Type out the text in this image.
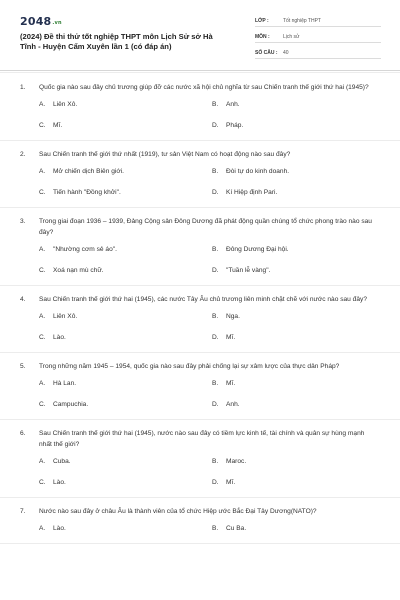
$2048^{.vn}$
(2024) Đề thi thử tốt nghiệp THPT môn Lịch Sử sở Hà Tĩnh - Huyện Cẩm Xuyên lần 1 (có đáp án)
LỚP :	Tốt nghiệp THPT
MÔN :	Lịch sử
SỐ CÂU :	40
1.	Quốc gia nào sau đây chủ trương giúp đỡ các nước xã hội chủ nghĩa từ sau Chiến tranh thế giới thứ hai (1945)?
A.	Liên Xô.	B.	Anh.
C.	Mĩ.	D.	Pháp.
2.	Sau Chiến tranh thế giới thứ nhất (1919), tư sản Việt Nam có hoạt động nào sau đây?
A.	Mở chiến dịch Biên giới.	B.	Đòi tự do kinh doanh.
C.	Tiến hành "Đồng khởi".	D.	Kí Hiệp định Pari.
3.	Trong giai đoạn 1936 – 1939, Đảng Cộng sản Đông Dương đã phát động quần chúng tổ chức phong trào nào sau đây?
A.	"Nhường cơm sẻ áo".	B.	Đông Dương Đại hội.
C.	Xoá nạn mù chữ.	D.	"Tuần lễ vàng".
4.	Sau Chiến tranh thế giới thứ hai (1945), các nước Tây Âu chủ trương liên minh chặt chẽ với nước nào sau đây?
A.	Liên Xô.	B.	Nga.
C.	Lào.	D.	Mĩ.
5.	Trong những năm 1945 – 1954, quốc gia nào sau đây phải chống lại sự xâm lược của thực dân Pháp?
A.	Hà Lan.	B.	Mĩ.
C.	Campuchia.	D.	Anh.
6.	Sau Chiến tranh thế giới thứ hai (1945), nước nào sau đây có tiềm lực kinh tế, tài chính và quân sự hùng mạnh nhất thế giới?
A.	Cuba.	B.	Maroc.
C.	Lào.	D.	Mĩ.
7.	Nước nào sau đây ở châu Âu là thành viên của tổ chức Hiệp ước Bắc Đại Tây Dương(NATO)?
A.	Lào.	B.	Cu Ba.
